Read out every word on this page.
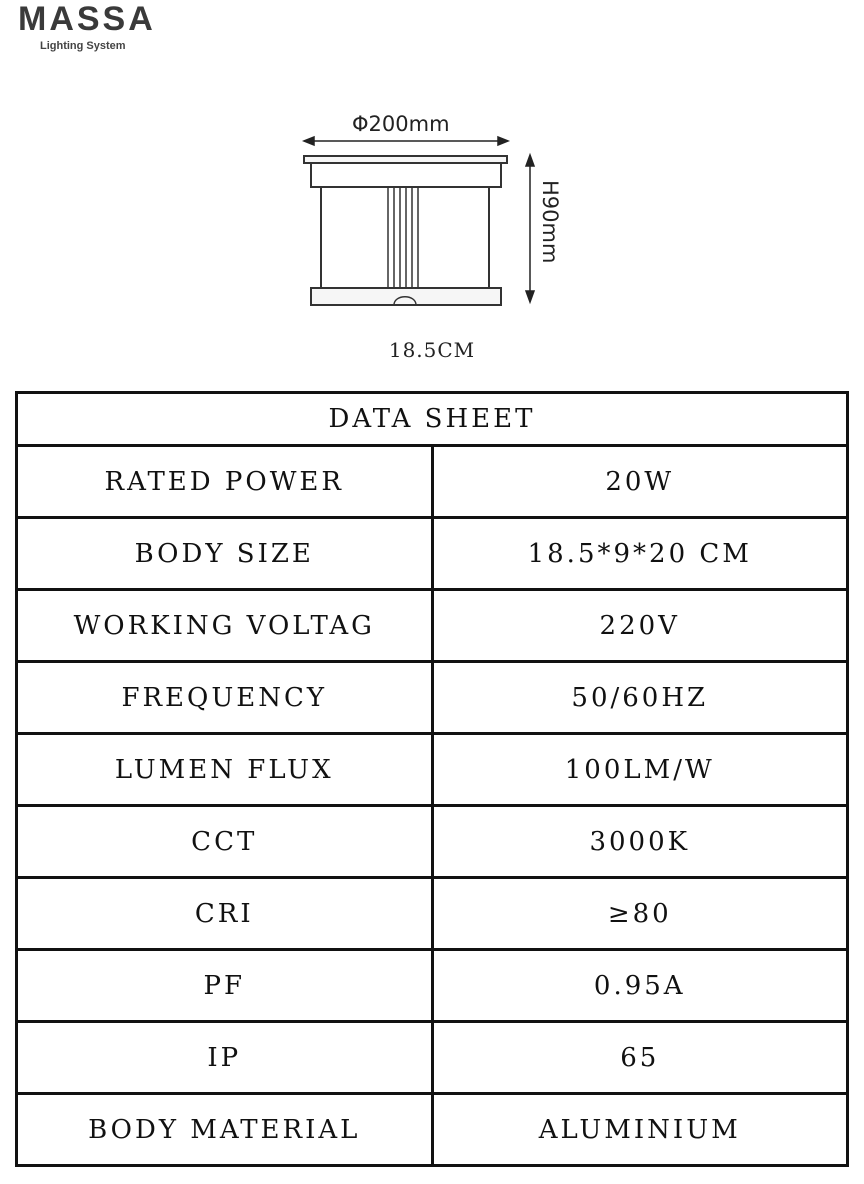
MASSA
Lighting System
Φ200mm
H90mm
18.5CM
DATA SHEET	
RATED POWER	20W
BODY SIZE	18.5*9*20 CM
WORKING VOLTAG	220V
FREQUENCY	50/60HZ
LUMEN FLUX	100LM/W
CCT	3000K
CRI	≥80
PF	0.95A
IP	65
BODY MATERIAL	ALUMINIUM
